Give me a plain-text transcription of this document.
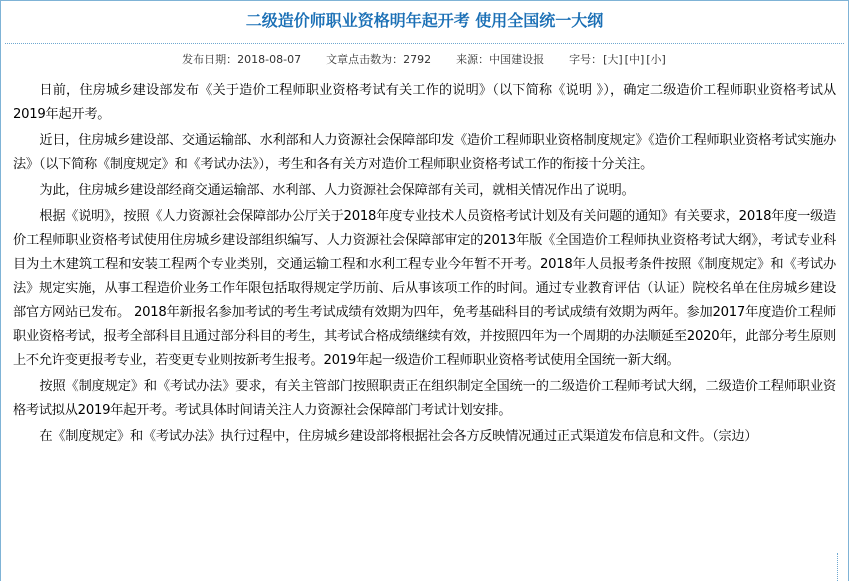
二级造价师职业资格明年起开考 使用全国统一大纲
发布日期：2018-08-07 文章点击数为：2792 来源：中国建设报 字号：[大] [中] [小]

日前，住房城乡建设部发布《关于造价工程师职业资格考试有关工作的说明》（以下简称《说明 》），确定二级造价工程师职业资格考试从2019年起开考。

近日，住房城乡建设部、交通运输部、水利部和人力资源社会保障部印发《造价工程师职业资格制度规定》《造价工程师职业资格考试实施办法》（以下简称《制度规定》和《考试办法》），考生和各有关方对造价工程师职业资格考试工作的衔接十分关注。

为此，住房城乡建设部经商交通运输部、水利部、人力资源社会保障部有关司，就相关情况作出了说明。

根据《说明》，按照《人力资源社会保障部办公厅关于2018年度专业技术人员资格考试计划及有关问题的通知》有关要求，2018年度一级造价工程师职业资格考试使用住房城乡建设部组织编写、人力资源社会保障部审定的2013年版《全国造价工程师执业资格考试大纲》，考试专业科目为土木建筑工程和安装工程两个专业类别，交通运输工程和水利工程专业今年暂不开考。2018年人员报考条件按照《制度规定》和《考试办法》规定实施，从事工程造价业务工作年限包括取得规定学历前、后从事该项工作的时间。通过专业教育评估（认证）院校名单在住房城乡建设部官方网站已发布。 2018年新报名参加考试的考生考试成绩有效期为四年，免考基础科目的考试成绩有效期为两年。参加2017年度造价工程师职业资格考试，报考全部科目且通过部分科目的考生，其考试合格成绩继续有效，并按照四年为一个周期的办法顺延至2020年，此部分考生原则上不允许变更报考专业，若变更专业则按新考生报考。2019年起一级造价工程师职业资格考试使用全国统一新大纲。

按照《制度规定》和《考试办法》要求，有关主管部门按照职责正在组织制定全国统一的二级造价工程师考试大纲，二级造价工程师职业资格考试拟从2019年起开考。考试具体时间请关注人力资源社会保障部门考试计划安排。

在《制度规定》和《考试办法》执行过程中，住房城乡建设部将根据社会各方反映情况通过正式渠道发布信息和文件。（宗边）
